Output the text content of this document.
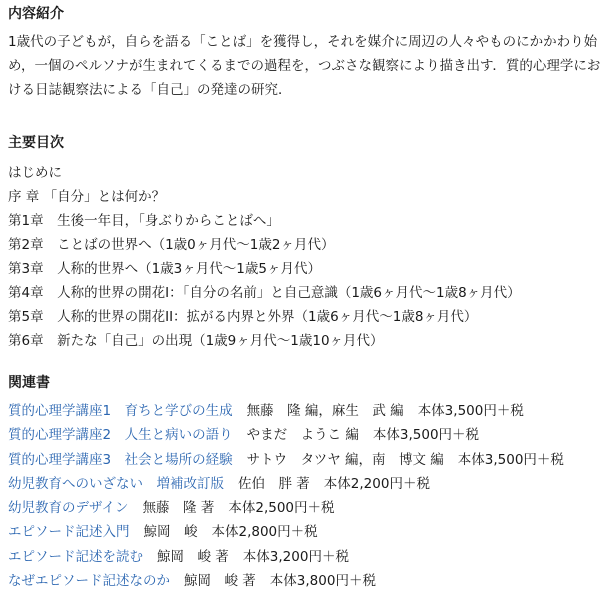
内容紹介

1歳代の子どもが，自らを語る「ことば」を獲得し，それを媒介に周辺の人々やものにかかわり始め，一個のペルソナが生まれてくるまでの過程を，つぶさな観察により描き出す．質的心理学における日誌観察法による「自己」の発達の研究．

主要目次

はじめに

序 章 「自分」とは何か？

第1章　生後一年目，「身ぶりからことばへ」

第2章　ことばの世界へ（1歳0ヶ月代～1歳2ヶ月代）

第3章　人称的世界へ（1歳3ヶ月代～1歳5ヶ月代）

第4章　人称的世界の開花I：「自分の名前」と自己意識（1歳6ヶ月代～1歳8ヶ月代）

第5章　人称的世界の開花II：拡がる内界と外界（1歳6ヶ月代～1歳8ヶ月代）

第6章　新たな「自己」の出現（1歳9ヶ月代～1歳10ヶ月代）

関連書

質的心理学講座1　育ちと学びの生成 無藤　隆 編，麻生　武 編 本体3,500円＋税

質的心理学講座2　人生と病いの語り やまだ　ようこ 編 本体3,500円＋税

質的心理学講座3　社会と場所の経験 サトウ　タツヤ 編，南　博文 編 本体3,500円＋税

幼児教育へのいざない　増補改訂版 佐伯　胖 著 本体2,200円＋税

幼児教育のデザイン 無藤　隆 著 本体2,500円＋税

エピソード記述入門 鯨岡　峻 本体2,800円＋税

エピソード記述を読む 鯨岡　峻 著 本体3,200円＋税

なぜエピソード記述なのか 鯨岡　峻 著 本体3,800円＋税
